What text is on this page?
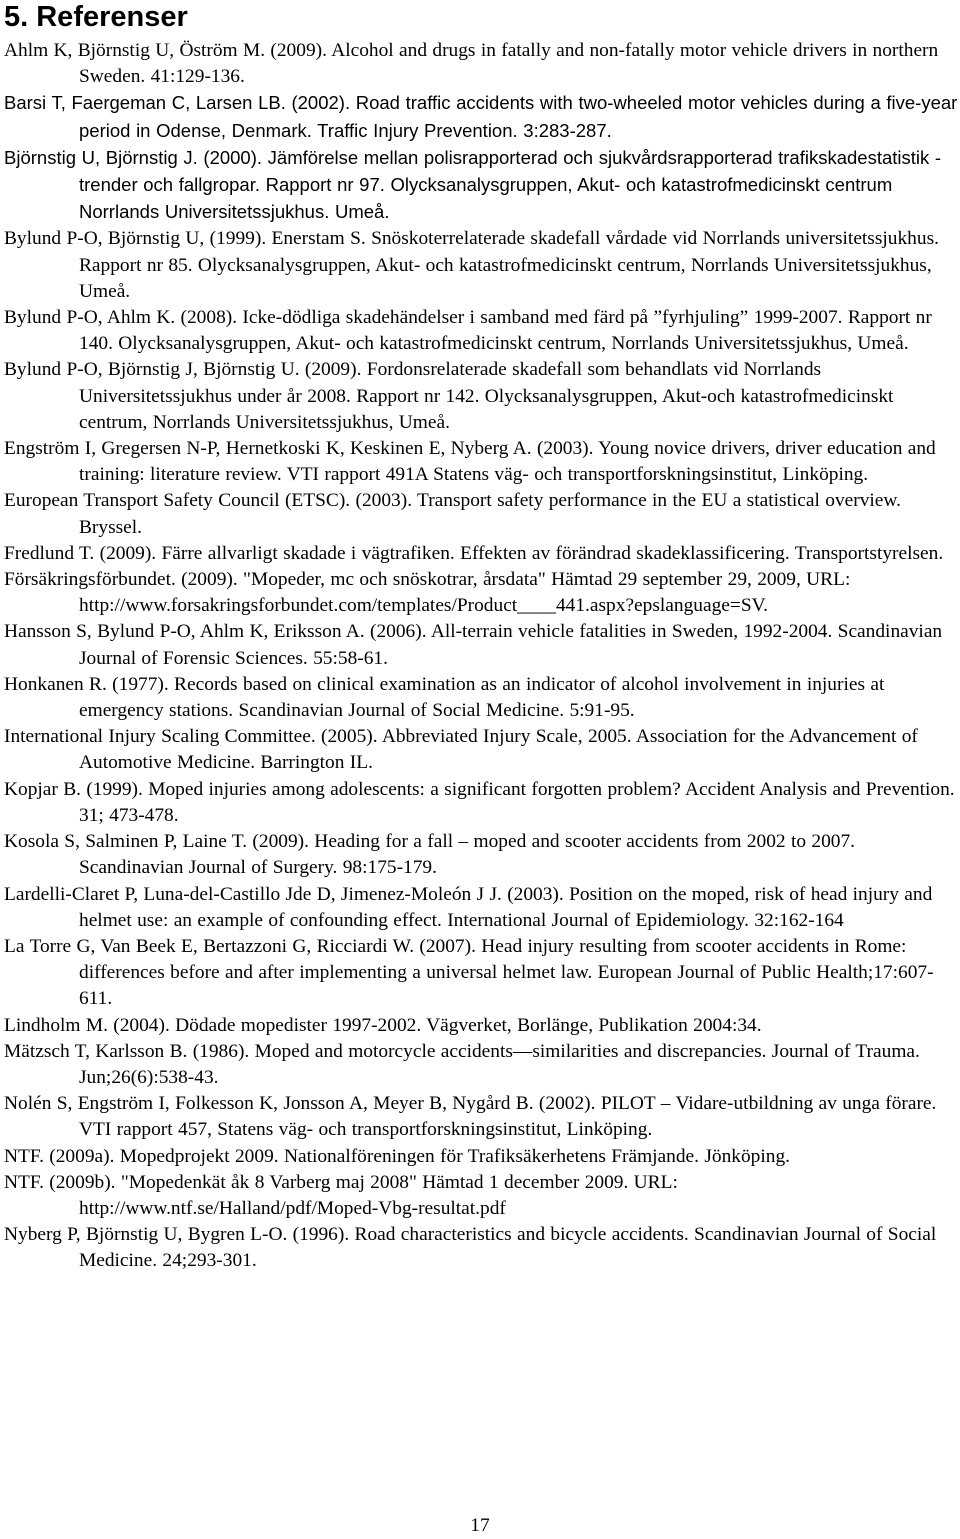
5. Referenser
Ahlm K, Björnstig U, Öström M. (2009). Alcohol and drugs in fatally and non-fatally motor vehicle drivers in northern Sweden. 41:129-136.
Barsi T, Faergeman C, Larsen LB. (2002). Road traffic accidents with two-wheeled motor vehicles during a five-year period in Odense, Denmark. Traffic Injury Prevention. 3:283-287.
Björnstig U, Björnstig J. (2000). Jämförelse mellan polisrapporterad och sjukvårdsrapporterad trafikskadestatistik - trender och fallgropar. Rapport nr 97. Olycksanalysgruppen, Akut- och katastrofmedicinskt centrum Norrlands Universitetssjukhus. Umeå.
Bylund P-O, Björnstig U, (1999). Enerstam S. Snöskoterrelaterade skadefall vårdade vid Norrlands universitetssjukhus. Rapport nr 85. Olycksanalysgruppen, Akut- och katastrofmedicinskt centrum, Norrlands Universitetssjukhus, Umeå.
Bylund P-O, Ahlm K. (2008). Icke-dödliga skadehändelser i samband med färd på ”fyrhjuling” 1999-2007. Rapport nr 140. Olycksanalysgruppen, Akut- och katastrofmedicinskt centrum, Norrlands Universitetssjukhus, Umeå.
Bylund P-O, Björnstig J, Björnstig U. (2009). Fordonsrelaterade skadefall som behandlats vid Norrlands Universitetssjukhus under år 2008. Rapport nr 142. Olycksanalysgruppen, Akut-och katastrofmedicinskt centrum, Norrlands Universitetssjukhus, Umeå.
Engström I, Gregersen N-P, Hernetkoski K, Keskinen E, Nyberg A. (2003). Young novice drivers, driver education and training: literature review. VTI rapport 491A Statens väg- och transportforskningsinstitut, Linköping.
European Transport Safety Council (ETSC). (2003). Transport safety performance in the EU a statistical overview. Bryssel.
Fredlund T. (2009). Färre allvarligt skadade i vägtrafiken. Effekten av förändrad skadeklassificering. Transportstyrelsen.
Försäkringsförbundet. (2009). "Mopeder, mc och snöskotrar, årsdata" Hämtad 29 september 29, 2009, URL: http://www.forsakringsforbundet.com/templates/Product____441.aspx?epslanguage=SV.
Hansson S, Bylund P-O, Ahlm K, Eriksson A. (2006). All-terrain vehicle fatalities in Sweden, 1992-2004. Scandinavian Journal of Forensic Sciences. 55:58-61.
Honkanen R. (1977). Records based on clinical examination as an indicator of alcohol involvement in injuries at emergency stations. Scandinavian Journal of Social Medicine. 5:91-95.
International Injury Scaling Committee. (2005). Abbreviated Injury Scale, 2005. Association for the Advancement of Automotive Medicine. Barrington IL.
Kopjar B. (1999). Moped injuries among adolescents: a significant forgotten problem? Accident Analysis and Prevention. 31; 473-478.
Kosola S, Salminen P, Laine T. (2009). Heading for a fall – moped and scooter accidents from 2002 to 2007. Scandinavian Journal of Surgery. 98:175-179.
Lardelli-Claret P, Luna-del-Castillo Jde D, Jimenez-Moleón J J. (2003). Position on the moped, risk of head injury and helmet use: an example of confounding effect. International Journal of Epidemiology. 32:162-164
La Torre G, Van Beek E, Bertazzoni G, Ricciardi W. (2007). Head injury resulting from scooter accidents in Rome: differences before and after implementing a universal helmet law. European Journal of Public Health;17:607-611.
Lindholm M. (2004). Dödade mopedister 1997-2002. Vägverket, Borlänge, Publikation 2004:34.
Mätzsch T, Karlsson B. (1986). Moped and motorcycle accidents—similarities and discrepancies. Journal of Trauma. Jun;26(6):538-43.
Nolén S, Engström I, Folkesson K, Jonsson A, Meyer B, Nygård B. (2002). PILOT – Vidare-utbildning av unga förare. VTI rapport 457, Statens väg- och transportforskningsinstitut, Linköping.
NTF. (2009a). Mopedprojekt 2009. Nationalföreningen för Trafiksäkerhetens Främjande. Jönköping.
NTF. (2009b). "Mopedenkät åk 8 Varberg maj 2008" Hämtad 1 december 2009. URL: http://www.ntf.se/Halland/pdf/Moped-Vbg-resultat.pdf
Nyberg P, Björnstig U, Bygren L-O. (1996). Road characteristics and bicycle accidents. Scandinavian Journal of Social Medicine. 24;293-301.
17
